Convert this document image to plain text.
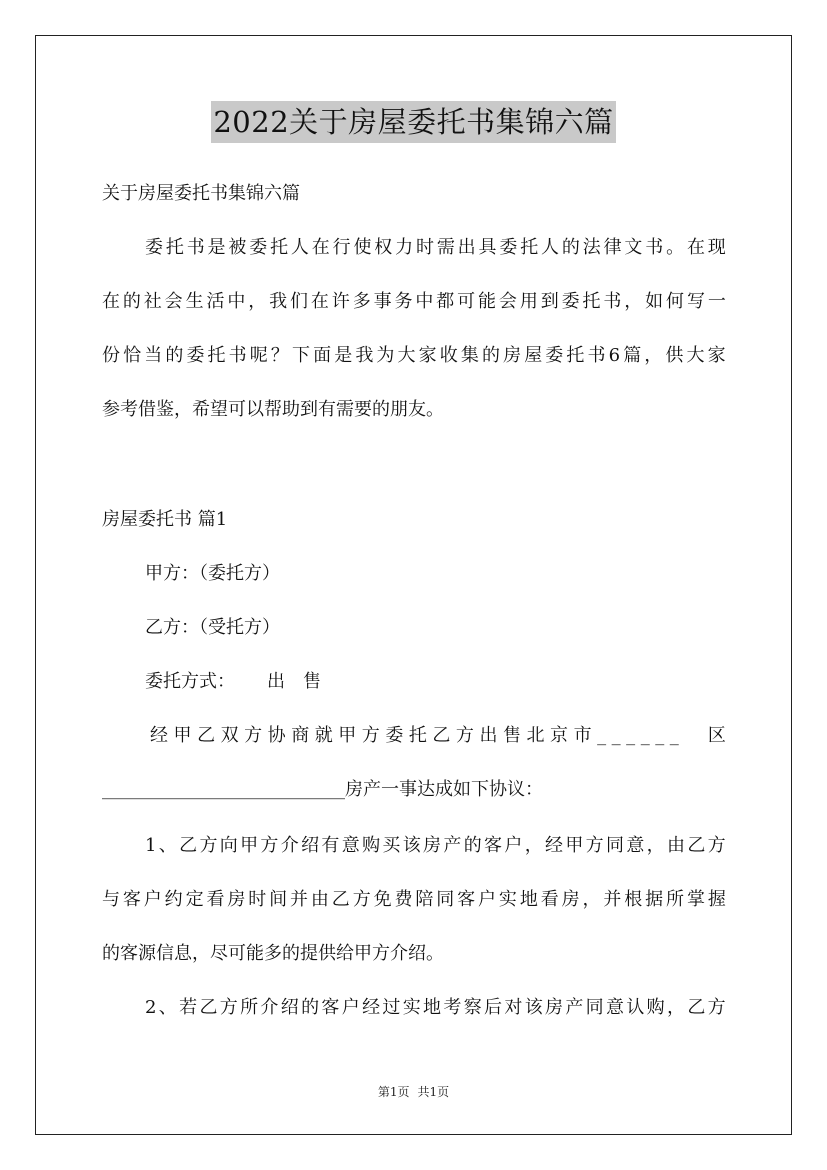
2022关于房屋委托书集锦六篇
关于房屋委托书集锦六篇
委 托 书 是 被 委 托 人 在 行 使 权 力 时 需 出 具 委 托 人 的 法 律 文 书 。 在 现
在 的 社 会 生 活 中 ， 我 们 在 许 多 事 务 中 都 可 能 会 用 到 委 托 书 ， 如 何 写 一
份 恰 当 的 委 托 书 呢 ？ 下 面 是 我 为 大 家 收 集 的 房 屋 委 托 书 6 篇 ， 供 大 家
参考借鉴，希望可以帮助到有需要的朋友。
房屋委托书 篇1
甲方：（委托方）
乙方：（受托方）
委托方式： 出　售
经 甲 乙 双 方 协 商 就 甲 方 委 托 乙 方 出 售 北 京 市 _ _ _ _ _ _
　 区
___________________________房产一事达成如下协议：
1 、 乙 方 向 甲 方 介 绍 有 意 购 买 该 房 产 的 客 户 ， 经 甲 方 同 意 ， 由 乙 方
与 客 户 约 定 看 房 时 间 并 由 乙 方 免 费 陪 同 客 户 实 地 看 房 ， 并 根 据 所 掌 握
的客源信息，尽可能多的提供给甲方介绍。
2 、 若 乙 方 所 介 绍 的 客 户 经 过 实 地 考 察 后 对 该 房 产 同 意 认 购 ， 乙 方
第1页 共1页
